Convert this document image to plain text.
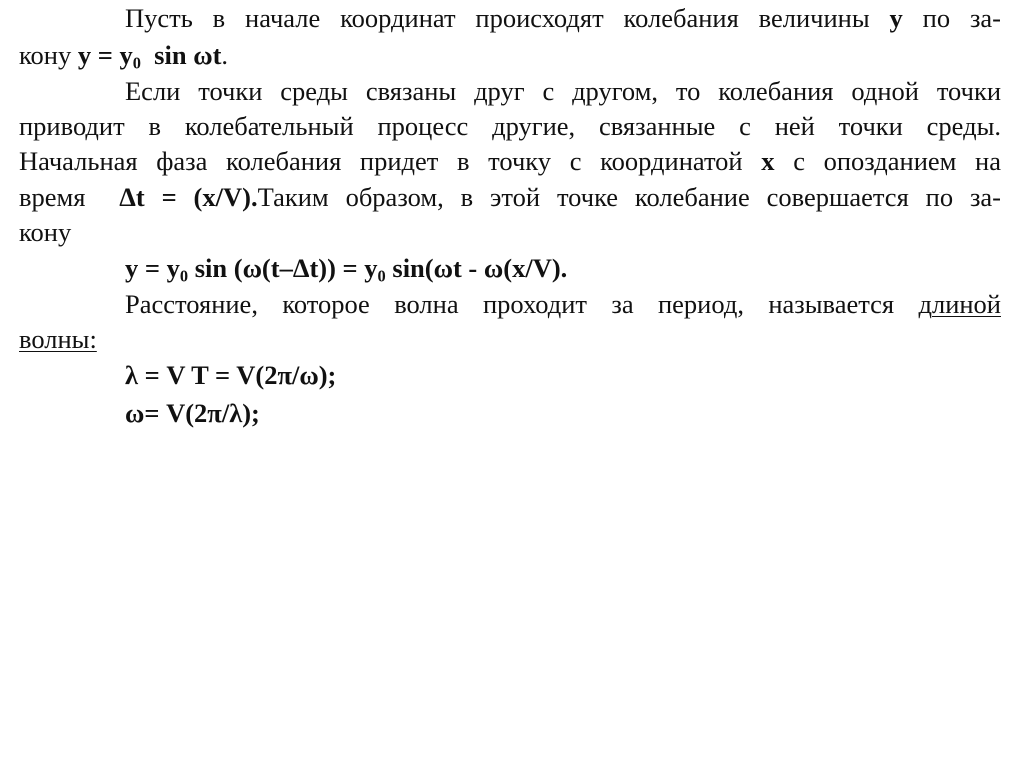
Пусть в начале координат происходят колебания величины у по за-
кону $у = у_0$ sin ωt.
Если точки среды связаны друг с другом, то колебания одной точки
приводит в колебательный процесс другие, связанные с ней точки среды.
Начальная фаза колебания придет в точку с координатой х с опозданием на
время Δt = (x/V).Таким образом, в этой точке колебание совершается по за-
кону
$у = у_0$ $\sin (\omega(t-\Delta t)) = у_0$ sin(ωt - ω(x/V).
Расстояние, которое волна проходит за период, называется длиной
волны:
λ = V T = V(2π/ω);
ω= V(2π/λ);
